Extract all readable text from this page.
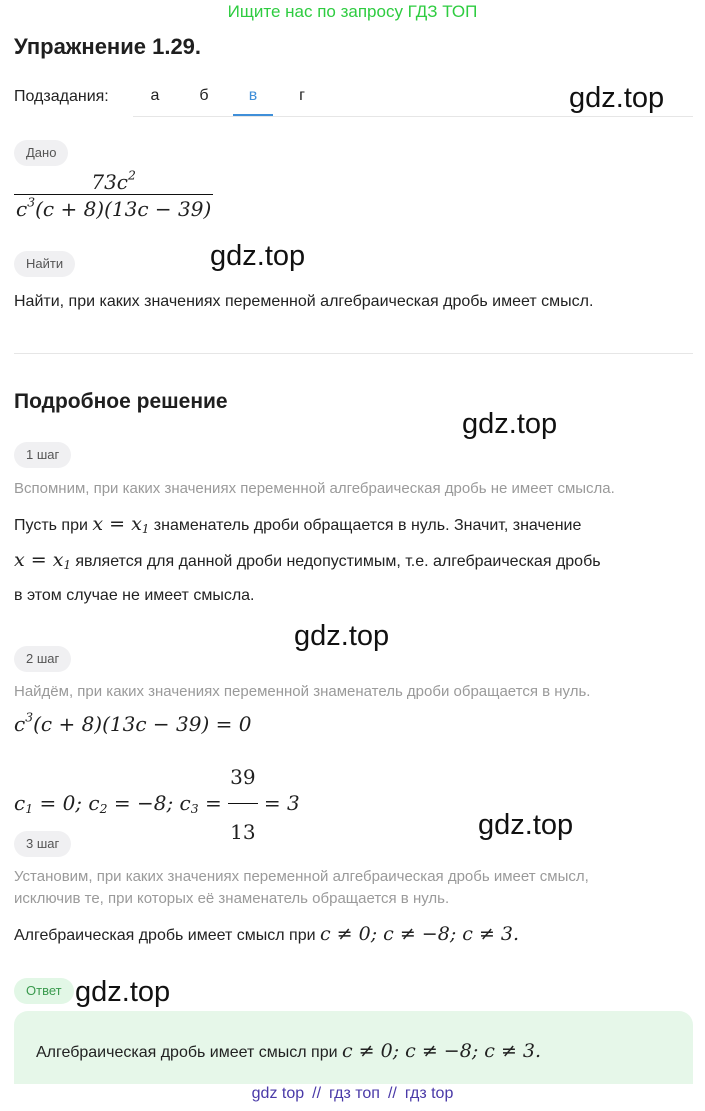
Ищите нас по запросу ГДЗ ТОП
Упражнение 1.29.
Подзадания:	а	б	в	г	gdz.top
Дано
$\frac{73c^2}{c^3(c + 8)(13c - 39)}$
Найти	gdz.top
Найти, при каких значениях переменной алгебраическая дробь имеет смысл.
Подробное решение
gdz.top
1 шаг
Вспомним, при каких значениях переменной алгебраическая дробь не имеет смысла.
Пусть при $x = x_1$ знаменатель дроби обращается в нуль. Значит, значение
$x = x_1$ является для данной дроби недопустимым, т.е. алгебраическая дробь
в этом случае не имеет смысла.
gdz.top
2 шаг
Найдём, при каких значениях переменной знаменатель дроби обращается в нуль.
$c^3(c + 8)(13c - 39) = 0$
$c_1 = 0$; $c_2 = -8$; $c_3 = \frac{39}{13} = 3$
gdz.top
3 шаг
Установим, при каких значениях переменной алгебраическая дробь имеет смысл,
исключив те, при которых её знаменатель обращается в нуль.
Алгебраическая дробь имеет смысл при c ≠ 0; c ≠ −8; c ≠ 3.
Ответ gdz.top
Алгебраическая дробь имеет смысл при c ≠ 0; c ≠ −8; c ≠ 3.
gdz top // гдз топ // гдз top
